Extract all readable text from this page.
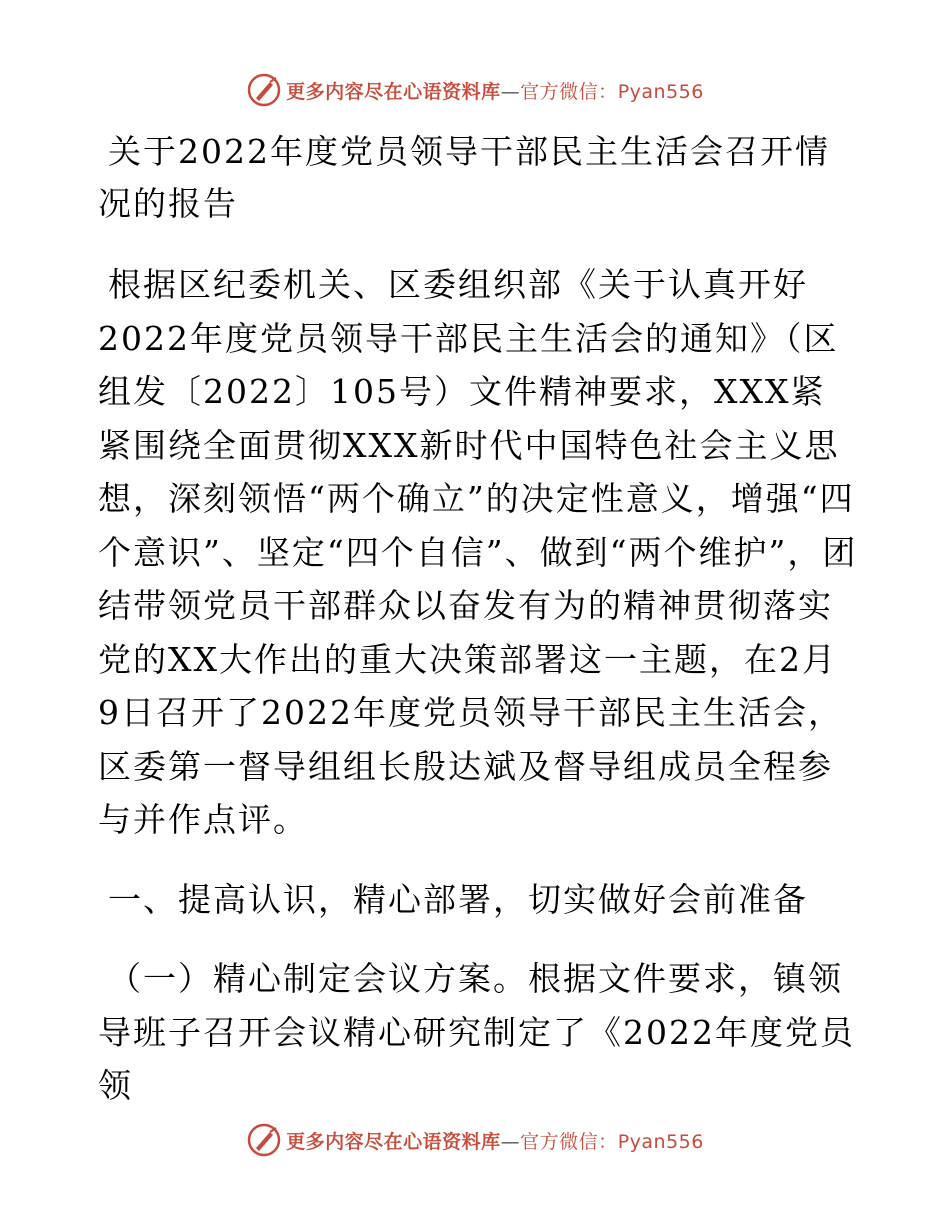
更多内容尽在心语资料库—官方微信：Pyan556
关于2022年度党员领导干部民主生活会召开情况的报告

根据区纪委机关、区委组织部《关于认真开好2022年度党员领导干部民主生活会的通知》（区组发〔2022〕105号）文件精神要求，XXX紧紧围绕全面贯彻XXX新时代中国特色社会主义思想，深刻领悟“两个确立”的决定性意义，增强“四个意识”、坚定“四个自信”、做到“两个维护”，团结带领党员干部群众以奋发有为的精神贯彻落实党的XX大作出的重大决策部署这一主题，在2月9日召开了2022年度党员领导干部民主生活会，区委第一督导组组长殷达斌及督导组成员全程参与并作点评。

一、提高认识，精心部署，切实做好会前准备

（一）精心制定会议方案。根据文件要求，镇领导班子召开会议精心研究制定了《2022年度党员领

更多内容尽在心语资料库—官方微信：Pyan556
